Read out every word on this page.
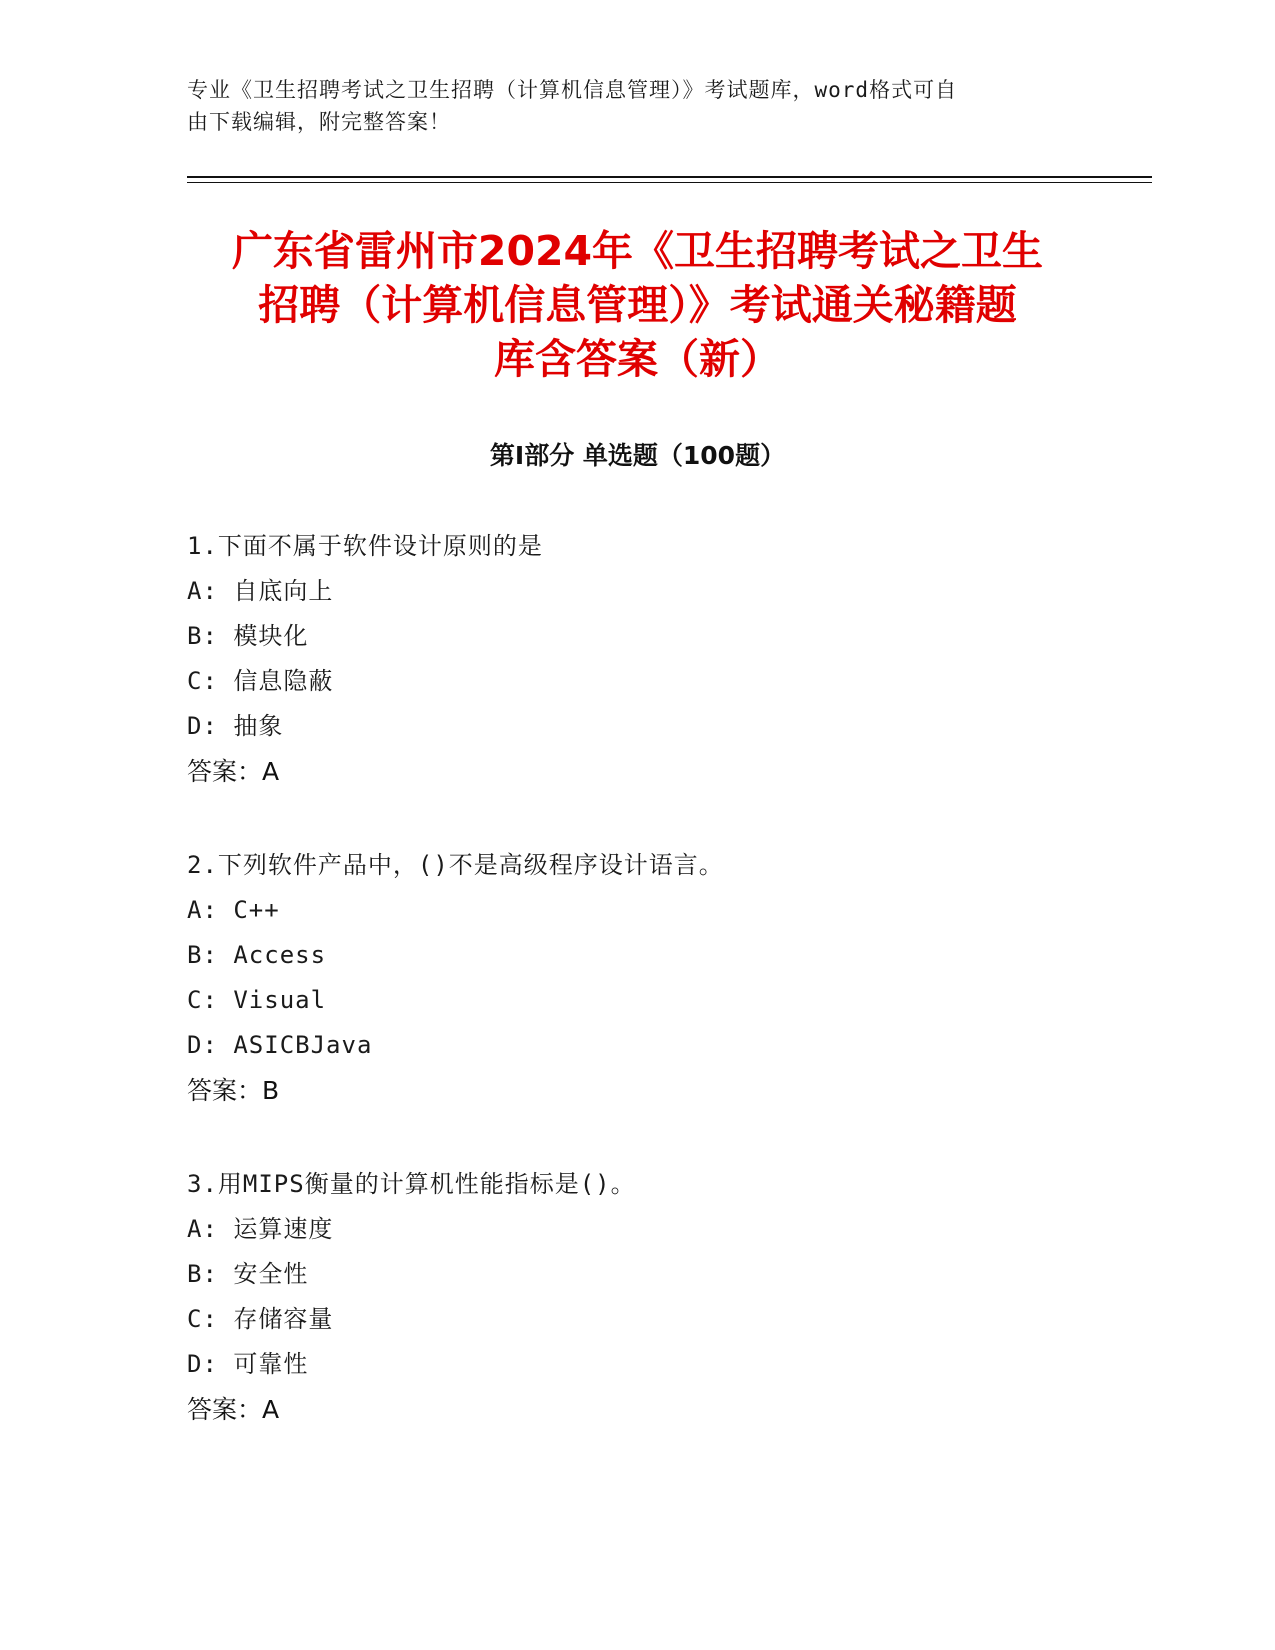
专业《卫生招聘考试之卫生招聘（计算机信息管理）》考试题库，word格式可自
由下载编辑，附完整答案！
广东省雷州市2024年《卫生招聘考试之卫生
招聘（计算机信息管理）》考试通关秘籍题
库含答案（新）
第Ⅰ部分 单选题（100题）
1.下面不属于软件设计原则的是
A: 自底向上
B: 模块化
C: 信息隐蔽
D: 抽象
答案：A
2.下列软件产品中，()不是高级程序设计语言。
A: C++
B: Access
C: Visual
D: ASICBJava
答案：B
3.用MIPS衡量的计算机性能指标是()。
A: 运算速度
B: 安全性
C: 存储容量
D: 可靠性
答案：A
